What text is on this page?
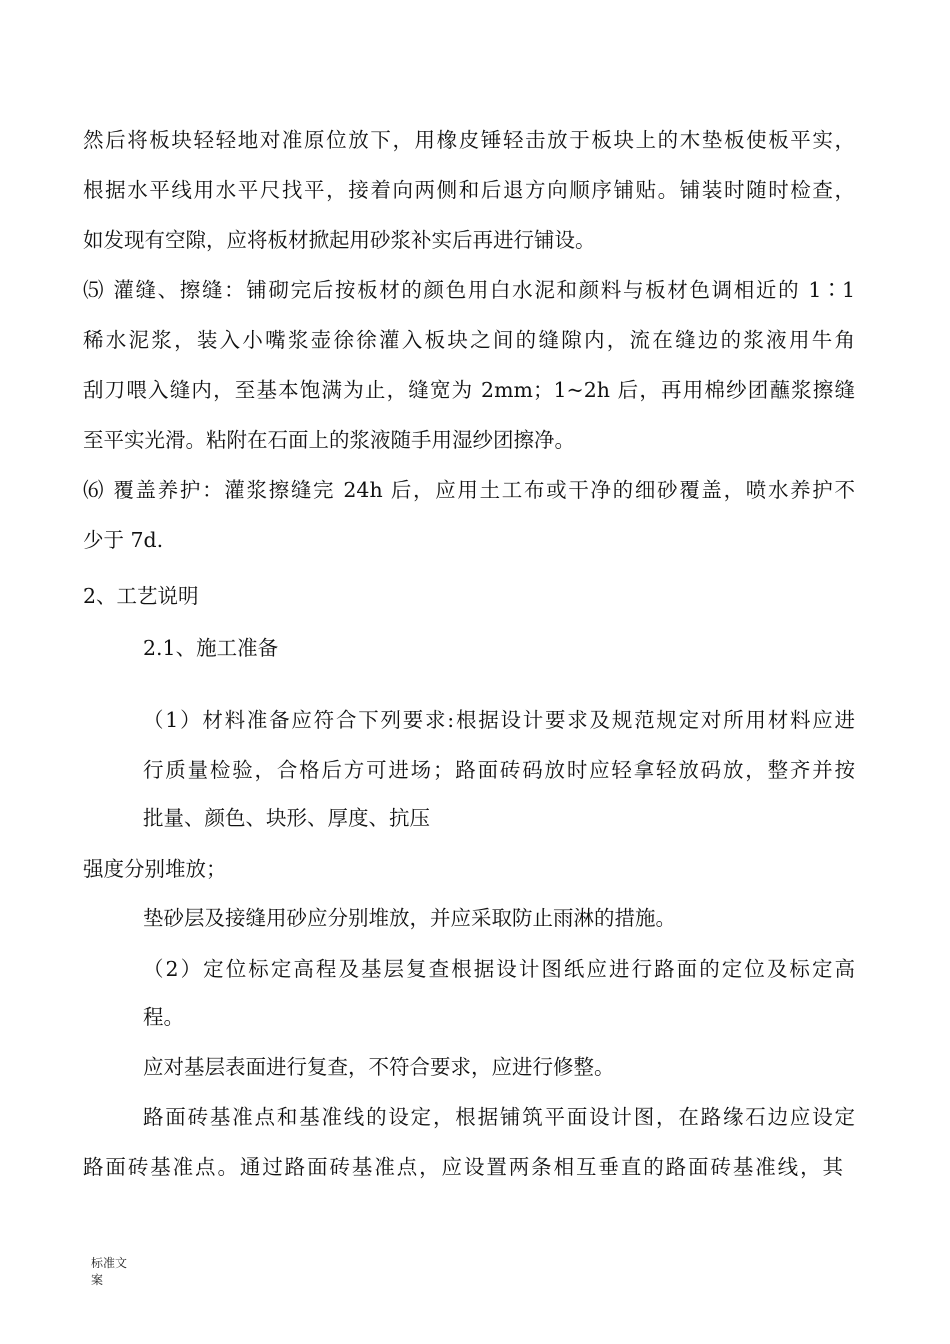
然后将板块轻轻地对准原位放下，用橡皮锤轻击放于板块上的木垫板使板平实，
根据水平线用水平尺找平，接着向两侧和后退方向顺序铺贴。铺装时随时检查，
如发现有空隙，应将板材掀起用砂浆补实后再进行铺设。
⑸ 灌缝、擦缝：铺砌完后按板材的颜色用白水泥和颜料与板材色调相近的 1∶1
稀水泥浆，装入小嘴浆壶徐徐灌入板块之间的缝隙内，流在缝边的浆液用牛角
刮刀喂入缝内，至基本饱满为止，缝宽为 2mm；1~2h 后，再用棉纱团蘸浆擦缝
至平实光滑。粘附在石面上的浆液随手用湿纱团擦净。
⑹ 覆盖养护：灌浆擦缝完 24h 后，应用土工布或干净的细砂覆盖，喷水养护不
少于 7d.
2、工艺说明
2.1、施工准备
（1）材料准备应符合下列要求:根据设计要求及规范规定对所用材料应进
行质量检验，合格后方可进场；路面砖码放时应轻拿轻放码放，整齐并按
批量、颜色、块形、厚度、抗压
强度分别堆放；
垫砂层及接缝用砂应分别堆放，并应采取防止雨淋的措施。
（2）定位标定高程及基层复查根据设计图纸应进行路面的定位及标定高
程。
应对基层表面进行复查，不符合要求，应进行修整。
路面砖基准点和基准线的设定，根据铺筑平面设计图，在路缘石边应设定
路面砖基准点。通过路面砖基准点，应设置两条相互垂直的路面砖基准线，其
标准文
案
